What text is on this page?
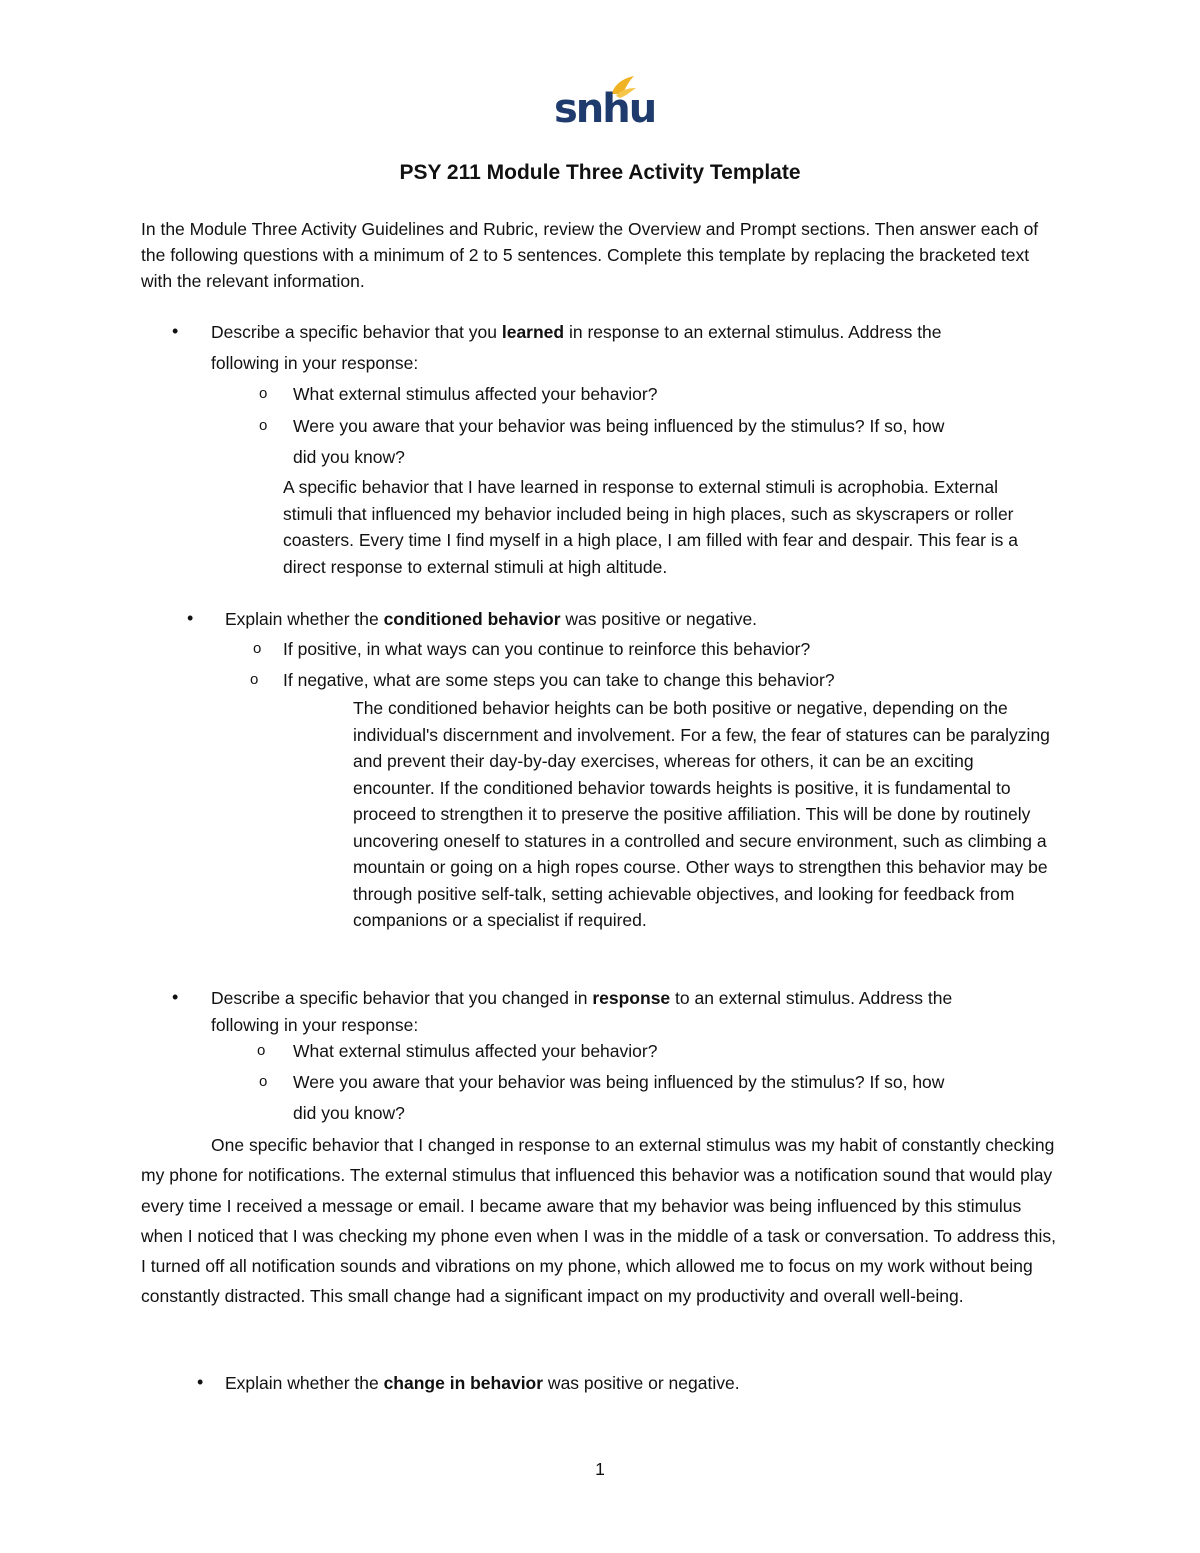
snhu
PSY 211 Module Three Activity Template
In the Module Three Activity Guidelines and Rubric, review the Overview and Prompt sections. Then answer each of the following questions with a minimum of 2 to 5 sentences. Complete this template by replacing the bracketed text with the relevant information.
• Describe a specific behavior that you learned in response to an external stimulus. Address the
following in your response:
o What external stimulus affected your behavior?
o Were you aware that your behavior was being influenced by the stimulus? If so, how
did you know?
A specific behavior that I have learned in response to external stimuli is acrophobia. External stimuli that influenced my behavior included being in high places, such as skyscrapers or roller coasters. Every time I find myself in a high place, I am filled with fear and despair. This fear is a direct response to external stimuli at high altitude.
• Explain whether the conditioned behavior was positive or negative.
o If positive, in what ways can you continue to reinforce this behavior?
o If negative, what are some steps you can take to change this behavior?
The conditioned behavior heights can be both positive or negative, depending on the individual's discernment and involvement. For a few, the fear of statures can be paralyzing and prevent their day-by-day exercises, whereas for others, it can be an exciting encounter. If the conditioned behavior towards heights is positive, it is fundamental to proceed to strengthen it to preserve the positive affiliation. This will be done by routinely uncovering oneself to statures in a controlled and secure environment, such as climbing a mountain or going on a high ropes course. Other ways to strengthen this behavior may be through positive self-talk, setting achievable objectives, and looking for feedback from companions or a specialist if required.
• Describe a specific behavior that you changed in response to an external stimulus. Address the
following in your response:
o What external stimulus affected your behavior?
o Were you aware that your behavior was being influenced by the stimulus? If so, how
did you know?
One specific behavior that I changed in response to an external stimulus was my habit of constantly checking my phone for notifications. The external stimulus that influenced this behavior was a notification sound that would play every time I received a message or email. I became aware that my behavior was being influenced by this stimulus when I noticed that I was checking my phone even when I was in the middle of a task or conversation. To address this, I turned off all notification sounds and vibrations on my phone, which allowed me to focus on my work without being constantly distracted. This small change had a significant impact on my productivity and overall well-being.
• Explain whether the change in behavior was positive or negative.
1
